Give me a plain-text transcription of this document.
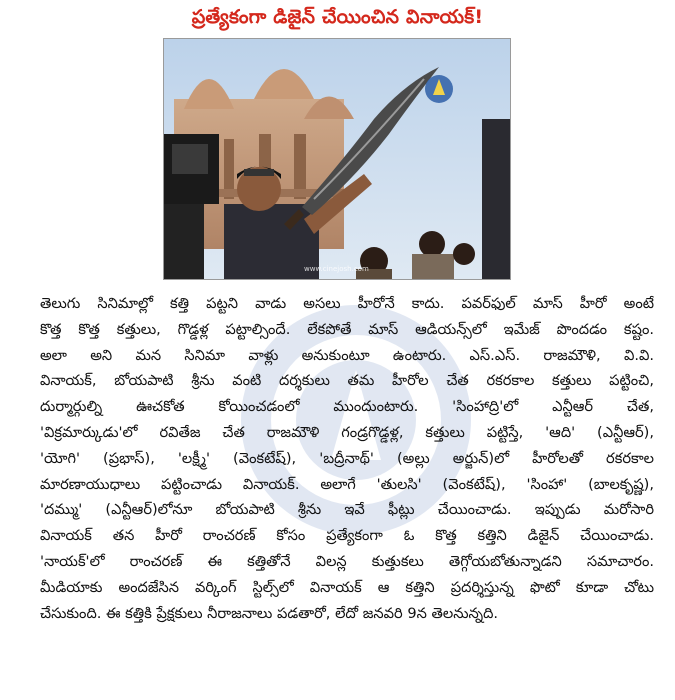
ప్రత్యేకంగా డిజైన్ చేయించిన వినాయక్!
www.cinejosh.com
తెలుగు సినిమాల్లో కత్తి పట్టని వాడు అసలు హీరోనే కాదు. పవర్‌ఫుల్ మాస్ హీరో అంటే
కొత్త కొత్త కత్తులు, గొడ్డళ్ల పట్టాల్సిందే. లేకపోతే మాస్ ఆడియన్స్‌లో ఇమేజ్ పొందడం కష్టం.
అలా అని మన సినిమా వాళ్లు అనుకుంటూ ఉంటారు. ఎస్.ఎస్. రాజమౌళి, వి.వి.
వినాయక్, బోయపాటి శ్రీను వంటి దర్శకులు తమ హీరోల చేత రకరకాల కత్తులు పట్టించి,
దుర్మార్గుల్ని ఊచకోత కోయించడంలో ముందుంటారు. 'సింహాద్రి'లో ఎన్టీఆర్ చేత,
'విక్రమార్కుడు'లో రవితేజ చేత రాజమౌళి గండ్రగొడ్డళ్ల, కత్తులు పట్టిస్తే, 'ఆది' (ఎన్టీఆర్),
'యోగి' (ప్రభాస్), 'లక్ష్మీ' (వెంకటేష్), 'బద్రీనాథ్' (అల్లు అర్జున్)లో హీరోలతో రకరకాల
మారణాయుధాలు పట్టించాడు వినాయక్. అలాగే 'తులసి' (వెంకటేష్), 'సింహా' (బాలకృష్ణ),
'దమ్ము' (ఎన్టీఆర్)లోనూ బోయపాటి శ్రీను ఇవే ఫీట్లు చేయించాడు. ఇప్పుడు మరోసారి
వినాయక్ తన హీరో రాంచరణ్ కోసం ప్రత్యేకంగా ఓ కొత్త కత్తిని డిజైన్ చేయించాడు.
'నాయక్'లో రాంచరణ్ ఈ కత్తితోనే విలన్ల కుత్తుకలు తెగ్గోయబోతున్నాడని సమాచారం.
మీడియాకు అందజేసిన వర్కింగ్ స్టిల్స్‌లో వినాయక్ ఆ కత్తిని ప్రదర్శిస్తున్న ఫొటో కూడా చోటు
చేసుకుంది. ఈ కత్తికి ప్రేక్షకులు నీరాజనాలు పడతారో, లేదో జనవరి 9న తెలనున్నది.
